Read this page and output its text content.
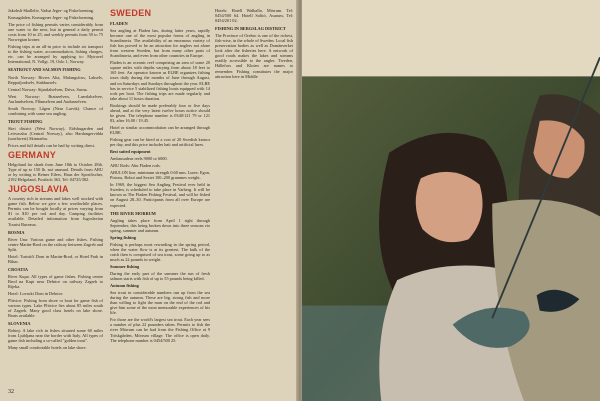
Jakobsli-Skalleliv, Vadsø Jeger- og Fiskeforening.

Komagdalen, Komagvær Jeger- og Fiskeforening.

The price of fishing permits varies considerably from one water to the next, but in general a daily permit costs from 10 to 25, and weekly permits from 50 to 75 Norwegian kroner.

Fishing trips at an all-in price to include air transport to the fishing water, accommodation, fishing charges, etc. can be arranged by applying to: Mytravel International, N. Vollgt. 19, Oslo 1, Norway.

SEATROUT AND SALMON FISHING

North Norway: Rivers Alta, Malangsfoss, Lakselv, Reppafjordselv, Stabburselv.

Central Norway: Stjørdalselven, Driva, Surna.

West Norway: Bratseelven, Laerdalselvee, Aurlandselven, Flåmselven and Audunselven.

South Norway: Lågen (Near Larvik). Chance of combining with some sea angling.

TROUT FISHING

Skei district (West Norway), Eidsbugarden and Leirvassbu (Central Norway), also Hardangervidda (southwest) Skinnarbu.

Prices and full details can be had by writing direct.

GERMANY

Helgoland for shark from June 18th to October 28th. Type of up to 150 lb. not unusual. Details from ABU or by writing to Reiner Eilers, Haus der Sportfischer, 2192 Helgoland, Postfach 363, Tel: 04725/382.

JUGOSLAVIA

A country rich in streams and lakes well stocked with game fish. Below we give a few worthwhile places. Permits can be bought locally at prices varying from $1 to $10 per rod and day. Camping facilities available. Detailed information from Jugoslavian Tourist Bureaux.

BOSNIA

River Una: Various game and other fishes. Fishing centre Martin-Brod on the railway between Zagreb and Split.

Hotel: Turističi Dom in Martin-Brod, or Hotel Park in Bihac.

CROATIA

River Kupa: All types of game fishes. Fishing centre Brod na Kupi near Delnice on railway Zagreb to Rijeka.

Hotel: Lovacki Dom in Delnice.

Plitvice: Fishing from shore or boat for game fish of various types. Lake Plitvice lies about 85 miles south of Zagreb. Many good class hotels on lake shore. Boats available.

SLOVENIA

Bohinj: A lake rich in fishes situated some 60 miles from Ljubljana near the border with Italy. All types of game fish including a so-called "golden trout".

Many small comfortable hotels on lake shore.

SWEDEN

FLADEN

Sea angling at Fladen has, during latter years, rapidly become one of the most popular forms of angling in Scandinavia. The availability of an enormous variety of fish has proved to be an attraction for anglers not alone from western Sweden, but from many other parts of Scandinavia, and even from other countries in Europe.

Fladen is an oceanic reef comprising an area of some 20 square miles with depths varying from about 18 feet to 165 feet. An operator known as ELBE organizes fishing tours daily during the months of June through August, and on Saturdays and Sundays throughout the year. ELBE has in service 5 stabilized fishing boats equipped with 14 rods per boat. The fishing trips are made regularly and take about 11 hours duration.

Bookings should be made preferably four or five days ahead, and at the very latest twelve hours notice should be given. The telephone number is 0340/121 79 or 121 83, after 16.00 / 19.45.

Hotel or similar accommodation can be arranged through ELBE.

Fishing gear can be hired at a cost of 20 Swedish kronor per day, and this price includes bait and artificial lures.

Best suited equipment

Ambassadeur reels 9000 or 6000.

ABU Rods: Abu Fladen rods.

ABULON line, minimum strength 0.60 mm. Lures: Egon, Pirions, Robot and Sextet 100–200 grammes weight.

In 1969, the biggest Sea Angling Festival ever held in Sweden, is scheduled to take place in Varberg. It will be known as The Fladen Fishing Festival, and will be fished on August 28–30. Participants from all over Europe are expected.

THE RIVER MORRUM

Angling takes place from April 1 right through September, this being broken down into three seasons viz spring, summer and autumn.

Spring fishing

Fishing is perhaps most rewarding in the spring period, when the water flow is at its greatest. The bulk of the catch then is comprised of sea trout, some going up to as much as 22 pounds in weight.

Summer fishing

During the early part of the summer the run of fresh salmon starts with fish of up to 55 pounds being killed.

Autumn fishing

Sea trout in considerable numbers run up from the sea during the autumn. These are big, strong fish and more than willing to fight the man on the end of the rod and give him some of the most memorable experiences of his life.

For those are the world's largest sea trout. Each year sees a number of plus 22 pounders taken. Permits to fish the river Mörrum can be had from the Fishing Office at 9 Tröskgården, Mörrum village. The office is open daily. The telephone number is 0454/500 25.

Hotels: Hotell Walhalla, Mörrum. Tel: 0454/500 64. Hotell Solitö, Asarum, Tel: 0454/201 02.

FISHING IN BERGSLAG DISTRICT

The Province of Orebro is one of the richest, fish-wise, in the whole of Sweden. Local fish preservation bodies as well as Domänverket look after the fisheries here. A network of good roads makes the lakes and streams readily accessible to the angler. Tiveden, Hällefors and Kloten are names to remember. Fishing constitutes the major attraction here in Middle

32
